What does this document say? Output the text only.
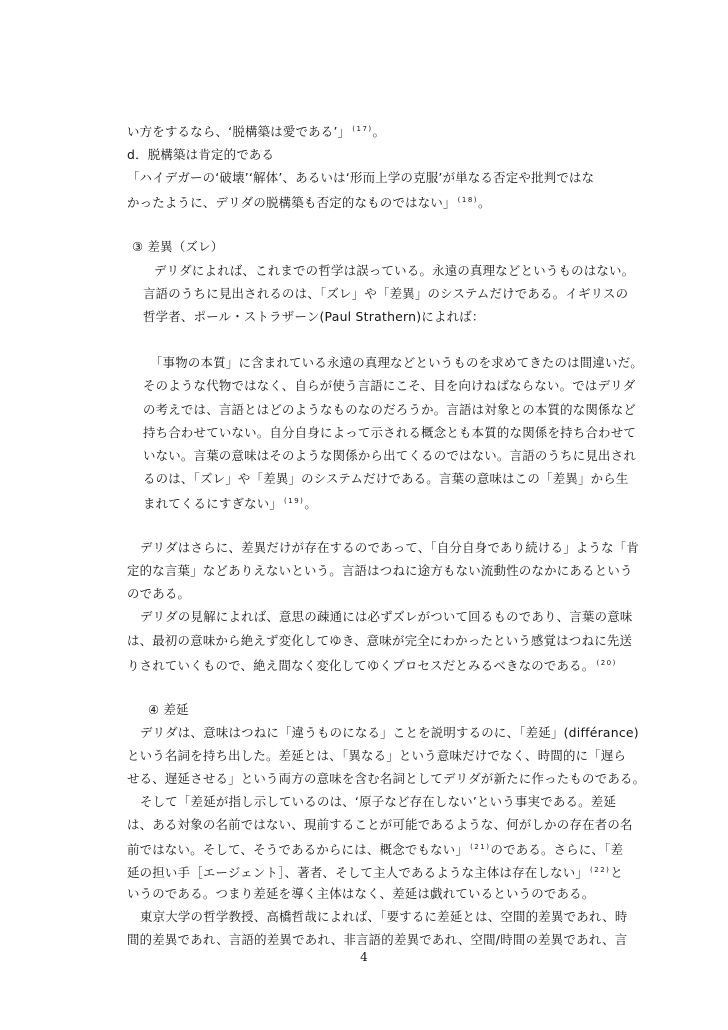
い方をするなら、‘脱構築は愛である’」 $^{(17)}$。
d．脱構築は肯定的である
「ハイデガーの‘破壊’‘解体’、あるいは‘形而上学の克服’が単なる否定や批判ではな
かったように、デリダの脱構築も否定的なものではない」 $^{(18)}$。
③ 差異（ズレ）
デリダによれば、これまでの哲学は誤っている。永遠の真理などというものはない。
言語のうちに見出されるのは、「ズレ」や「差異」のシステムだけである。イギリスの
哲学者、ポール・ストラザーン(Paul Strathern)によれば：
「事物の本質」に含まれている永遠の真理などというものを求めてきたのは間違いだ。
そのような代物ではなく、自らが使う言語にこそ、目を向けねばならない。ではデリダ
の考えでは、言語とはどのようなものなのだろうか。言語は対象との本質的な関係など
持ち合わせていない。自分自身によって示される概念とも本質的な関係を持ち合わせて
いない。言葉の意味はそのような関係から出てくるのではない。言語のうちに見出され
るのは、「ズレ」や「差異」のシステムだけである。言葉の意味はこの「差異」から生
まれてくるにすぎない」 $^{(19)}$。
デリダはさらに、差異だけが存在するのであって、「自分自身であり続ける」ような「肯
定的な言葉」などありえないという。言語はつねに途方もない流動性のなかにあるという
のである。
デリダの見解によれば、意思の疎通には必ずズレがついて回るものであり、言葉の意味
は、最初の意味から絶えず変化してゆき、意味が完全にわかったという感覚はつねに先送
りされていくもので、絶え間なく変化してゆくプロセスだとみるべきなのである。 $^{(20)}$
④ 差延
デリダは、意味はつねに「違うものになる」ことを説明するのに、「差延」(différance)
という名詞を持ち出した。差延とは、「異なる」という意味だけでなく、時間的に「遅ら
せる、遅延させる」という両方の意味を含む名詞としてデリダが新たに作ったものである。
そして「差延が指し示しているのは、‘原子など存在しない’という事実である。差延
は、ある対象の名前ではない、現前することが可能であるような、何がしかの存在者の名
前ではない。そして、そうであるからには、概念でもない」 $^{(21)}$のである。さらに、「差
延の担い手［エージェント］、著者、そして主人であるような主体は存在しない」 $^{(22)}$と
いうのである。つまり差延を導く主体はなく、差延は戯れているというのである。
東京大学の哲学教授、高橋哲哉によれば、「要するに差延とは、空間的差異であれ、時
間的差異であれ、言語的差異であれ、非言語的差異であれ、空間/時間の差異であれ、言
4
